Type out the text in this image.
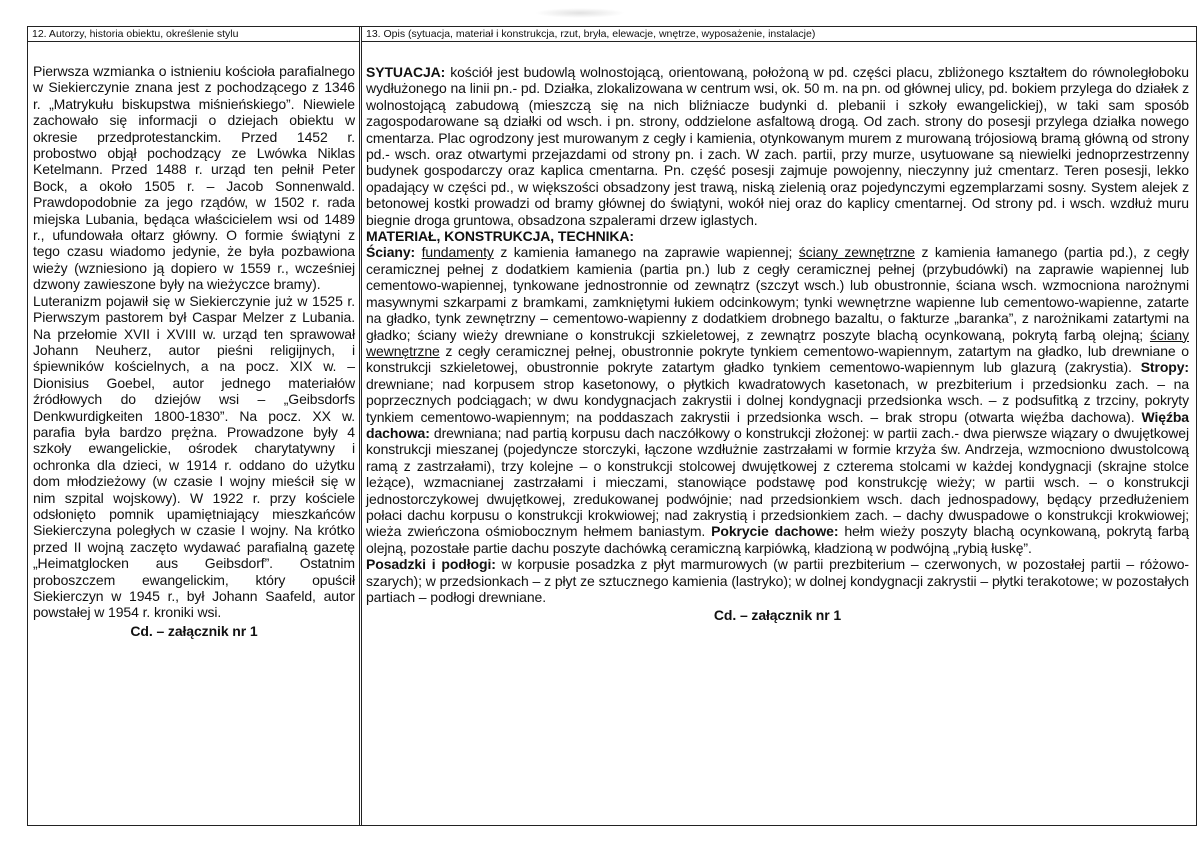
12. Autorzy, historia obiektu, określenie stylu	13. Opis (sytuacja, materiał i konstrukcja, rzut, bryła, elewacje, wnętrze, wyposażenie, instalacje)

Pierwsza wzmianka o istnieniu kościoła parafialnego w Siekierczynie znana jest z pochodzącego z 1346 r. „Matrykułu biskupstwa miśnieńskiego”. Niewiele zachowało się informacji o dziejach obiektu w okresie przedprotestanckim. Przed 1452 r. probostwo objął pochodzący ze Lwówka Niklas Ketelmann. Przed 1488 r. urząd ten pełnił Peter Bock, a około 1505 r. – Jacob Sonnenwald. Prawdopodobnie za jego rządów, w 1502 r. rada miejska Lubania, będąca właścicielem wsi od 1489 r., ufundowała ołtarz główny. O formie świątyni z tego czasu wiadomo jedynie, że była pozbawiona wieży (wzniesiono ją dopiero w 1559 r., wcześniej dzwony zawieszone były na wieżyczce bramy).

Luteranizm pojawił się w Siekierczynie już w 1525 r. Pierwszym pastorem był Caspar Melzer z Lubania. Na przełomie XVII i XVIII w. urząd ten sprawował Johann Neuherz, autor pieśni religijnych, i śpiewników kościelnych, a na pocz. XIX w. – Dionisius Goebel, autor jednego materiałów źródłowych do dziejów wsi – „Geibsdorfs Denkwurdigkeiten 1800-1830”. Na pocz. XX w. parafia była bardzo prężna. Prowadzone były 4 szkoły ewangelickie, ośrodek charytatywny i ochronka dla dzieci, w 1914 r. oddano do użytku dom młodzieżowy (w czasie I wojny mieścił się w nim szpital wojskowy). W 1922 r. przy kościele odsłonięto pomnik upamiętniający mieszkańców Siekierczyna poległych w czasie I wojny. Na krótko przed II wojną zaczęto wydawać parafialną gazetę „Heimatglocken aus Geibsdorf”. Ostatnim proboszczem ewangelickim, który opuścił Siekierczyn w 1945 r., był Johann Saafeld, autor powstałej w 1954 r. kroniki wsi.

Cd. – załącznik nr 1

SYTUACJA: kościół jest budowlą wolnostojącą, orientowaną, położoną w pd. części placu, zbliżonego kształtem do równoległoboku wydłużonego na linii pn.- pd. Działka, zlokalizowana w centrum wsi, ok. 50 m. na pn. od głównej ulicy, pd. bokiem przylega do działek z wolnostojącą zabudową (mieszczą się na nich bliźniacze budynki d. plebanii i szkoły ewangelickiej), w taki sam sposób zagospodarowane są działki od wsch. i pn. strony, oddzielone asfaltową drogą. Od zach. strony do posesji przylega działka nowego cmentarza. Plac ogrodzony jest murowanym z cegły i kamienia, otynkowanym murem z murowaną trójosiową bramą główną od strony pd.- wsch. oraz otwartymi przejazdami od strony pn. i zach. W zach. partii, przy murze, usytuowane są niewielki jednoprzestrzenny budynek gospodarczy oraz kaplica cmentarna. Pn. część posesji zajmuje powojenny, nieczynny już cmentarz. Teren posesji, lekko opadający w części pd., w większości obsadzony jest trawą, niską zielenią oraz pojedynczymi egzemplarzami sosny. System alejek z betonowej kostki prowadzi od bramy głównej do świątyni, wokół niej oraz do kaplicy cmentarnej. Od strony pd. i wsch. wzdłuż muru biegnie droga gruntowa, obsadzona szpalerami drzew iglastych.

MATERIAŁ, KONSTRUKCJA, TECHNIKA:

Ściany: fundamenty z kamienia łamanego na zaprawie wapiennej; ściany zewnętrzne z kamienia łamanego (partia pd.), z cegły ceramicznej pełnej z dodatkiem kamienia (partia pn.) lub z cegły ceramicznej pełnej (przybudówki) na zaprawie wapiennej lub cementowo-wapiennej, tynkowane jednostronnie od zewnątrz (szczyt wsch.) lub obustronnie, ściana wsch. wzmocniona narożnymi masywnymi szkarpami z bramkami, zamkniętymi łukiem odcinkowym; tynki wewnętrzne wapienne lub cementowo-wapienne, zatarte na gładko, tynk zewnętrzny – cementowo-wapienny z dodatkiem drobnego bazaltu, o fakturze „baranka”, z narożnikami zatartymi na gładko; ściany wieży drewniane o konstrukcji szkieletowej, z zewnątrz poszyte blachą ocynkowaną, pokrytą farbą olejną; ściany wewnętrzne z cegły ceramicznej pełnej, obustronnie pokryte tynkiem cementowo-wapiennym, zatartym na gładko, lub drewniane o konstrukcji szkieletowej, obustronnie pokryte zatartym gładko tynkiem cementowo-wapiennym lub glazurą (zakrystia). Stropy: drewniane; nad korpusem strop kasetonowy, o płytkich kwadratowych kasetonach, w prezbiterium i przedsionku zach. – na poprzecznych podciągach; w dwu kondygnacjach zakrystii i dolnej kondygnacji przedsionka wsch. – z podsufitką z trzciny, pokryty tynkiem cementowo-wapiennym; na poddaszach zakrystii i przedsionka wsch. – brak stropu (otwarta więźba dachowa). Więźba dachowa: drewniana; nad partią korpusu dach naczółkowy o konstrukcji złożonej: w partii zach.- dwa pierwsze wiązary o dwujętkowej konstrukcji mieszanej (pojedyncze storczyki, łączone wzdłużnie zastrzałami w formie krzyża św. Andrzeja, wzmocniono dwustolcową ramą z zastrzałami), trzy kolejne – o konstrukcji stolcowej dwujętkowej z czterema stolcami w każdej kondygnacji (skrajne stolce leżące), wzmacnianej zastrzałami i mieczami, stanowiące podstawę pod konstrukcję wieży; w partii wsch. – o konstrukcji jednostorczykowej dwujętkowej, zredukowanej podwójnie; nad przedsionkiem wsch. dach jednospadowy, będący przedłużeniem połaci dachu korpusu o konstrukcji krokwiowej; nad zakrystią i przedsionkiem zach. – dachy dwuspadowe o konstrukcji krokwiowej; wieża zwieńczona ośmiobocznym hełmem baniastym. Pokrycie dachowe: hełm wieży poszyty blachą ocynkowaną, pokrytą farbą olejną, pozostałe partie dachu poszyte dachówką ceramiczną karpiówką, kładzioną w podwójną „rybią łuskę”.

Posadzki i podłogi: w korpusie posadzka z płyt marmurowych (w partii prezbiterium – czerwonych, w pozostałej partii – różowo-szarych); w przedsionkach – z płyt ze sztucznego kamienia (lastryko); w dolnej kondygnacji zakrystii – płytki terakotowe; w pozostałych partiach – podłogi drewniane.

Cd. – załącznik nr 1
